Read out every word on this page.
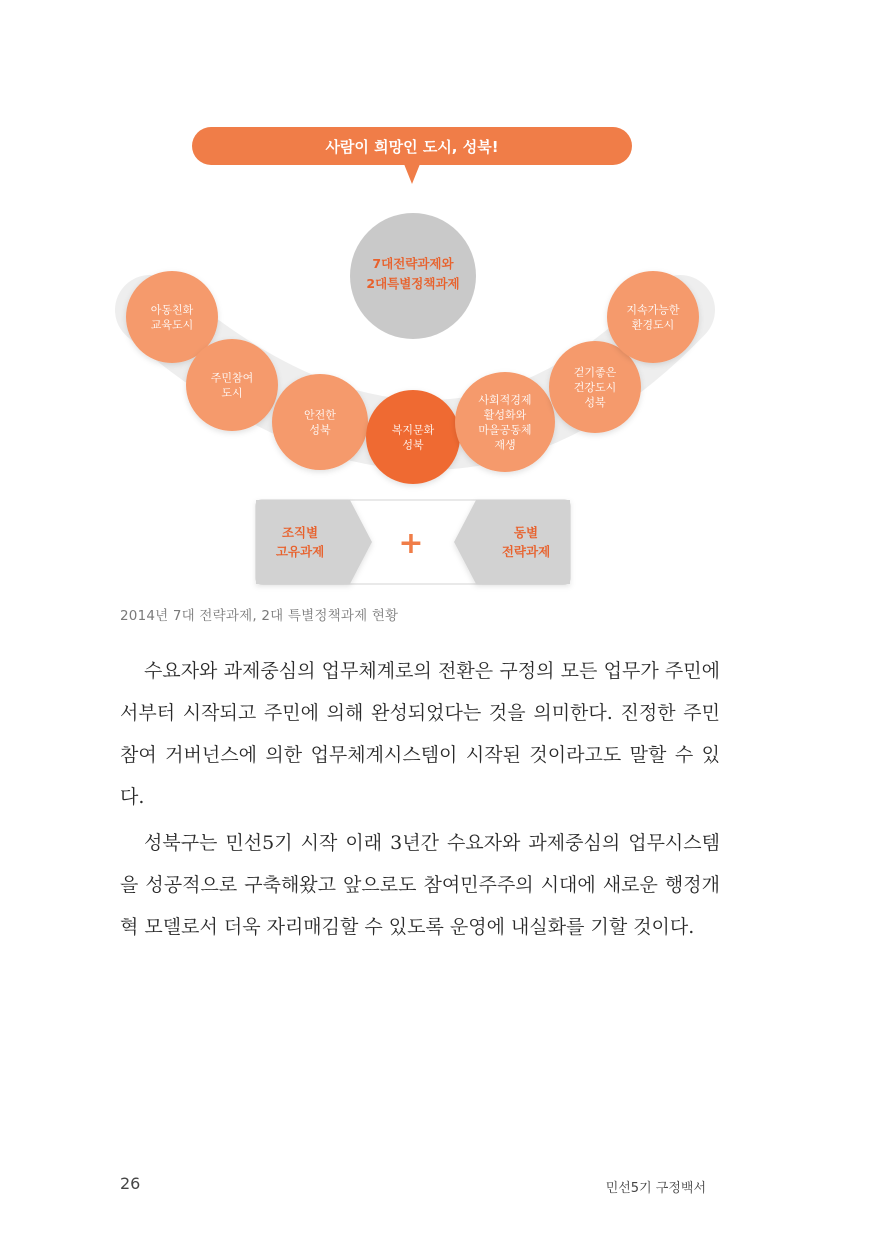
사람이 희망인 도시, 성북!
7대전략과제와
2대특별정책과제
아동친화
교육도시
주민참여
도시
안전한
성북	복지문화
성북
사회적경제
활성화와
마을공동체
재생
걷기좋은
건강도시
성북
지속가능한
환경도시
조직별
고유과제 +	동별
전략과제
2014년 7대 전략과제, 2대 특별정책과제 현황

수요자와 과제중심의 업무체계로의 전환은 구정의 모든 업무가 주민에서부터 시작되고 주민에 의해 완성되었다는 것을 의미한다. 진정한 주민참여 거버넌스에 의한 업무체계시스템이 시작된 것이라고도 말할 수 있다.

성북구는 민선5기 시작 이래 3년간 수요자와 과제중심의 업무시스템을 성공적으로 구축해왔고 앞으로도 참여민주주의 시대에 새로운 행정개혁 모델로서 더욱 자리매김할 수 있도록 운영에 내실화를 기할 것이다.

26	민선5기 구정백서
